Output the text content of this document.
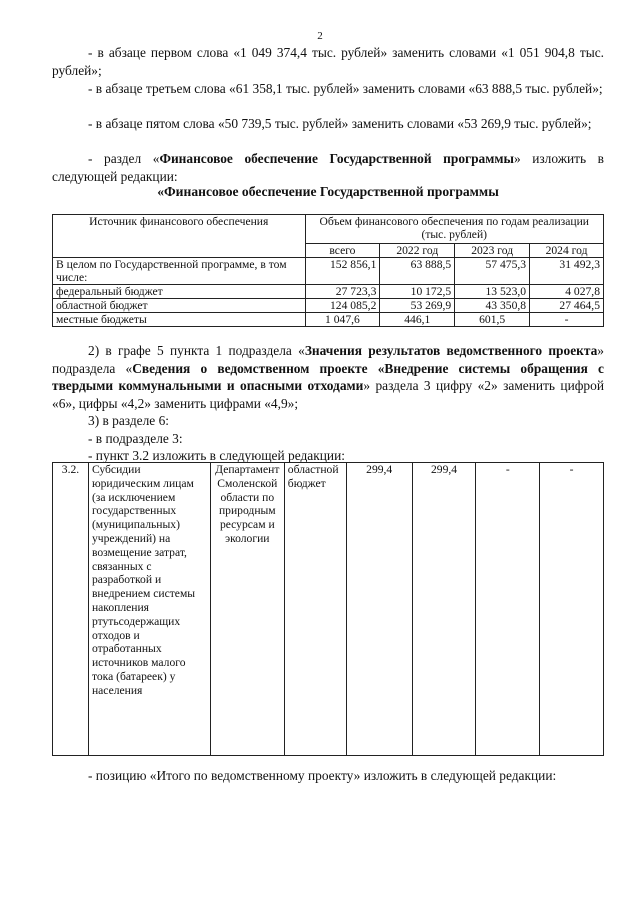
2
- в абзаце первом слова «1 049 374,4 тыс. рублей» заменить словами «1 051 904,8 тыс. рублей»;
- в абзаце третьем слова «61 358,1 тыс. рублей» заменить словами «63 888,5 тыс. рублей»;
- в абзаце пятом слова «50 739,5 тыс. рублей» заменить словами «53 269,9 тыс. рублей»;
- раздел «Финансовое обеспечение Государственной программы» изложить в следующей редакции:
«Финансовое обеспечение Государственной программы
Источник финансового обеспечения	Объем финансового обеспечения по годам реализации (тыс. рублей)			
	всего	2022 год	2023 год	2024 год
В целом по Государственной программе, в том числе:	152 856,1	63 888,5	57 475,3	31 492,3
федеральный бюджет	27 723,3	10 172,5	13 523,0	4 027,8
областной бюджет	124 085,2	53 269,9	43 350,8	27 464,5
местные бюджеты	1 047,6	446,1	601,5	-
2) в графе 5 пункта 1 подраздела «Значения результатов ведомственного проекта» подраздела «Сведения о ведомственном проекте «Внедрение системы обращения с твердыми коммунальными и опасными отходами» раздела 3 цифру «2» заменить цифрой «6», цифры «4,2» заменить цифрами «4,9»;
3) в разделе 6:
- в подразделе 3:
- пункт 3.2 изложить в следующей редакции:
3.2.	Субсидии юридическим лицам (за исключением государственных (муниципальных) учреждений) на возмещение затрат, связанных с разработкой и внедрением системы накопления ртутьсодержащих отходов и отработанных источников малого тока (батареек) у населения	Департамент Смоленской области по природным ресурсам и экологии	областной бюджет	299,4	299,4	-	-
- позицию «Итого по ведомственному проекту» изложить в следующей редакции:
